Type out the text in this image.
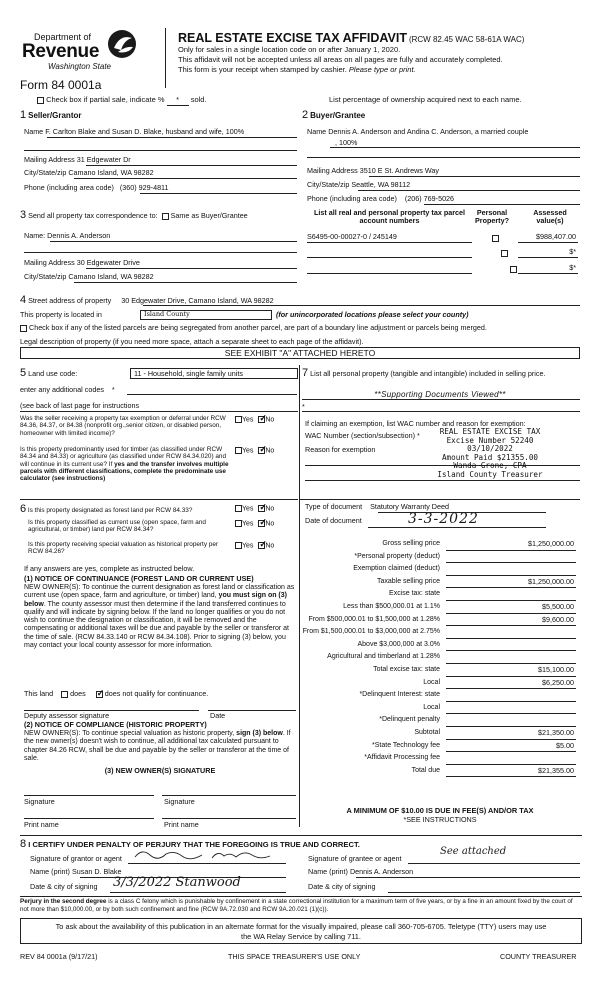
Department of
Revenue
Washington State
Form 84 0001a
REAL ESTATE EXCISE TAX AFFIDAVIT (RCW 82.45 WAC 58-61A WAC)
Only for sales in a single location code on or after January 1, 2020.
This affidavit will not be accepted unless all areas on all pages are fully and accurately completed.
This form is your receipt when stamped by cashier. Please type or print.
Check box if partial sale, indicate % * sold.	List percentage of ownership acquired next to each name.
1 Seller/Grantor
Name F. Carlton Blake and Susan D. Blake, husband and wife, 100%
Mailing Address 31 Edgewater Dr
City/State/zip Camano Island, WA 98282
Phone (including area code) (360) 929-4811
2 Buyer/Grantee
Name Dennis A. Anderson and Andina C. Anderson, a married couple
, 100%
Mailing Address 3510 E St. Andrews Way
City/State/zip Seattle, WA 98112
Phone (including area code) (206) 769-5026
3 Send all property tax correspondence to: Same as Buyer/Grantee
Name: Dennis A. Anderson
Mailing Address 30 Edgewater Drive
City/State/zip Camano Island, WA 98282
List all real and personal property tax parcel account numbers
Personal Property?
Assessed value(s)
S6495-00-00027-0 / 245149
	$988,407.00

$*
$*
4 Street address of property 30 Edgewater Drive, Camano Island, WA 98282
This property is located in	Island County	(for unincorporated locations please select your county)
Check box if any of the listed parcels are being segregated from another parcel, are part of a boundary line adjustment or parcels being merged.
Legal description of property (if you need more space, attach a separate sheet to each page of the affidavit).
SEE EXHIBIT "A" ATTACHED HERETO
5 Land use code:	11 - Household, single family units
enter any additional codes *
(see back of last page for instructions
Was the seller receiving a property tax exemption or deferral under RCW 84.36, 84.37, or 84.38 (nonprofit org.,senior citizen, or disabled person, homeowner with limited income)?
Yes ✓ No
Is this property predominantly used for timber (as classified under RCW 84.34 and 84.33) or agriculture (as classified under RCW 84.34.020) and will continue in its current use? If yes and the transfer involves multiple parcels with different classifications, complete the predominate use calculator (see instructions)
Yes ✓ No
6 Is this property designated as forest land per RCW 84.33?	Yes ✓ No
Is this property classified as current use (open space, farm and agricultural, or timber) land per RCW 84.34?
Yes ✓ No
Is this property receiving special valuation as historical property per RCW 84.26?
Yes ✓ No
If any answers are yes, complete as instructed below.
(1) NOTICE OF CONTINUANCE (FOREST LAND OR CURRENT USE)
NEW OWNER(S): To continue the current designation as forest land or classification as current use (open space, farm and agriculture, or timber) land, you must sign on (3) below. The county assessor must then determine if the land transferred continues to qualify and will indicate by signing below. If the land no longer qualifies or you do not wish to continue the designation or classification, it will be removed and the compensating or additional taxes will be due and payable by the seller or transferor at the time of sale. (RCW 84.33.140 or RCW 84.34.108). Prior to signing (3) below, you may contact your local county assessor for more information.
This land does ✓	does not qualify for continuance.
Deputy assessor signature	Date
(2) NOTICE OF COMPLIANCE (HISTORIC PROPERTY)
NEW OWNER(S): To continue special valuation as historic property, sign (3) below. If the new owner(s) doesn't wish to continue, all additional tax calculated pursuant to chapter 84.26 RCW, shall be due and payable by the seller or transferor at the time of sale.
(3) NEW OWNER(S) SIGNATURE
Signature	Signature
Print name	Print name
7 List all personal property (tangible and intangible) included in selling price.
**Supporting Documents Viewed**
*
If claiming an exemption, list WAC number and reason for exemption:
WAC Number (section/subsection) *
Reason for exemption
REAL ESTATE EXCISE TAX
Excise Number 52240
03/10/2022
Amount Paid $21355.00
Wanda Grone, CPA
Island County Treasurer
Type of document Statutory Warranty Deed
Date of document	3-3-2022
Gross selling price	$1,250,000.00
*Personal property (deduct)
Exemption claimed (deduct)
Taxable selling price	$1,250,000.00
Excise tax: state
Less than $500,000.01 at 1.1%	$5,500.00
From $500,000.01 to $1,500,000 at 1.28%	$9,600.00
From $1,500,000.01 to $3,000,000 at 2.75%
Above $3,000,000 at 3.0%
Agricultural and timberland at 1.28%
Total excise tax: state	$15,100.00
Local	$6,250.00
*Delinquent Interest: state
Local
*Delinquent penalty
Subtotal	$21,350.00
*State Technology fee	$5.00
*Affidavit Processing fee
Total due	$21,355.00
A MINIMUM OF $10.00 IS DUE IN FEE(S) AND/OR TAX
*SEE INSTRUCTIONS
8 I CERTIFY UNDER PENALTY OF PERJURY THAT THE FOREGOING IS TRUE AND CORRECT.
Signature of grantor or agent
Name (print) Susan D. Blake
Date & city of signing 3/3/2022 Stanwood
Signature of grantee or agent
See attached
Name (print) Dennis A. Anderson
Date & city of signing
Perjury in the second degree is a class C felony which is punishable by confinement in a state correctional institution for a maximum term of five years, or by a fine in an amount fixed by the court of not more than $10,000.00, or by both such confinement and fine (RCW 9A.72.030 and RCW 9A.20.021 (1)(c)).
To ask about the availability of this publication in an alternate format for the visually impaired, please call 360-705-6705. Teletype (TTY) users may use the WA Relay Service by calling 711.
REV 84 0001a (9/17/21)	THIS SPACE TREASURER'S USE ONLY	COUNTY TREASURER
